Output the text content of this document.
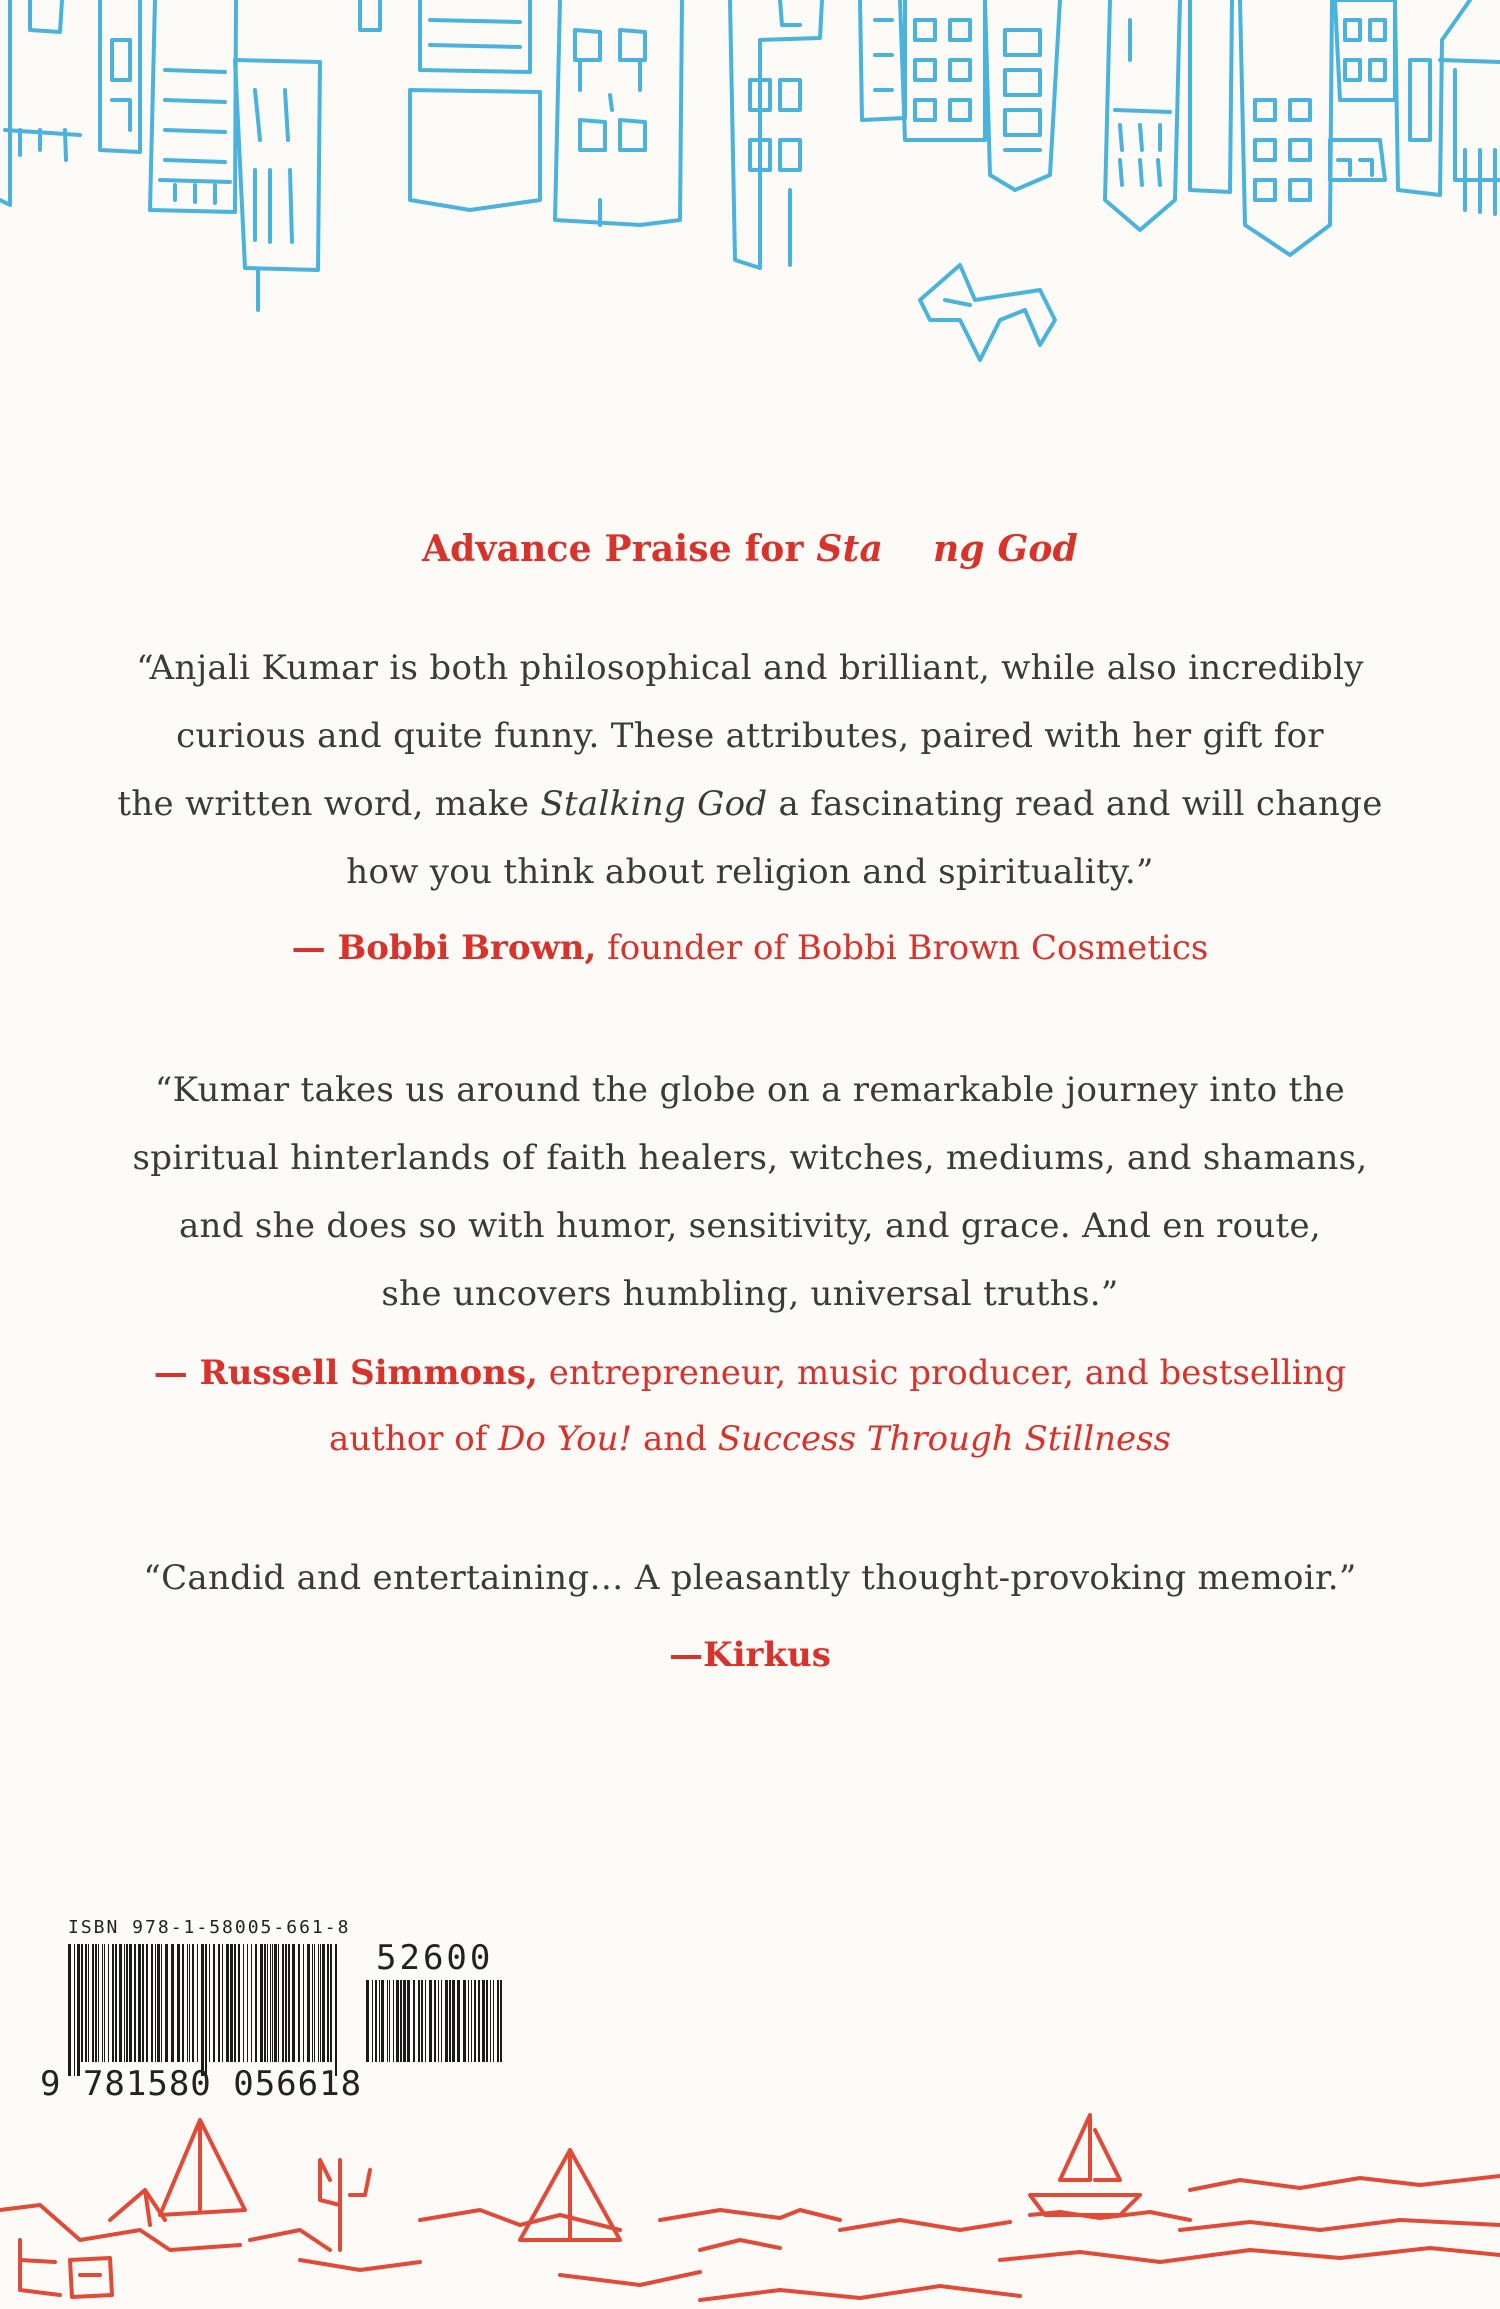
Advance Praise for Sta ng God
“Anjali Kumar is both philosophical and brilliant, while also incredibly
curious and quite funny. These attributes, paired with her gift for
the written word, make Stalking God a fascinating read and will change
how you think about religion and spirituality.”
— Bobbi Brown, founder of Bobbi Brown Cosmetics
“Kumar takes us around the globe on a remarkable journey into the
spiritual hinterlands of faith healers, witches, mediums, and shamans,
and she does so with humor, sensitivity, and grace. And en route,
she uncovers humbling, universal truths.”
— Russell Simmons, entrepreneur, music producer, and bestselling
author of Do You! and Success Through Stillness
“Candid and entertaining… A pleasantly thought-provoking memoir.”
—Kirkus
ISBN 978-1-58005-661-8
52600
9 781580 056618
